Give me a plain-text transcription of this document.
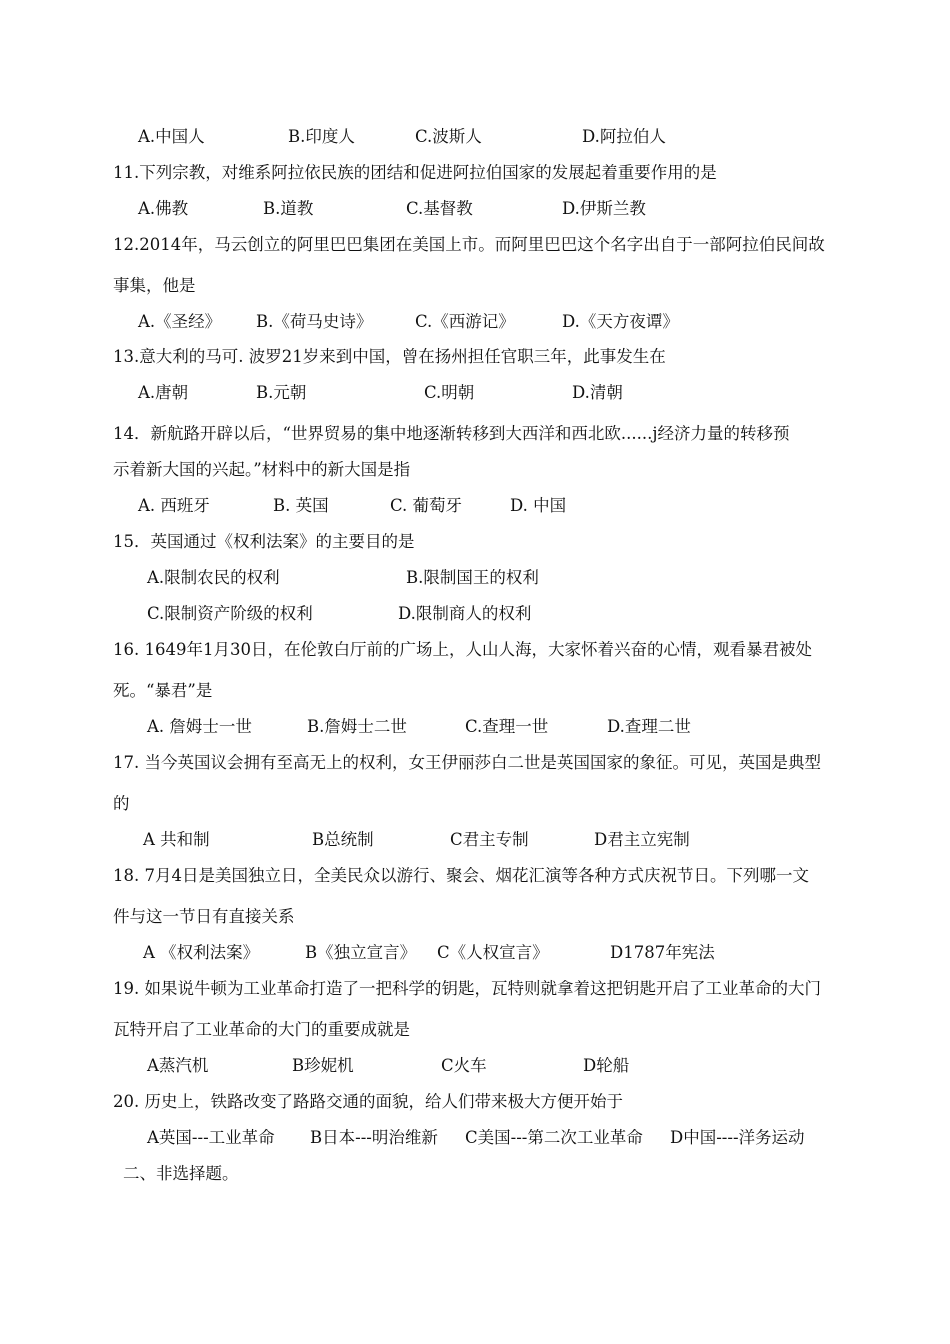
A.中国人	B.印度人	C.波斯人	D.阿拉伯人
11.下列宗教，对维系阿拉依民族的团结和促进阿拉伯国家的发展起着重要作用的是
A.佛教	B.道教	C.基督教	D.伊斯兰教
12.2014年，马云创立的阿里巴巴集团在美国上市。而阿里巴巴这个名字出自于一部阿拉伯民间故
事集，他是
A.《圣经》 B.《荷马史诗》	C.《西游记》	D.《天方夜谭》
13.意大利的马可. 波罗21岁来到中国，曾在扬州担任官职三年，此事发生在
A.唐朝	B.元朝	C.明朝	D.清朝
14．新航路开辟以后，“世界贸易的集中地逐渐转移到大西洋和西北欧......j经济力量的转移预
示着新大国的兴起。”材料中的新大国是指
A. 西班牙	B. 英国	C. 葡萄牙	D. 中国
15．英国通过《权利法案》的主要目的是
A.限制农民的权利	B.限制国王的权利
C.限制资产阶级的权利	D.限制商人的权利
16. 1649年1月30日，在伦敦白厅前的广场上，人山人海，大家怀着兴奋的心情，观看暴君被处
死。“暴君”是
A. 詹姆士一世	B.詹姆士二世	C.查理一世	D.查理二世
17. 当今英国议会拥有至高无上的权利，女王伊丽莎白二世是英国国家的象征。可见，英国是典型
的
A 共和制	B总统制	C君主专制	D君主立宪制
18. 7月4日是美国独立日，全美民众以游行、聚会、烟花汇演等各种方式庆祝节日。下列哪一文
件与这一节日有直接关系
A 《权利法案》	B《独立宣言》 C《人权宣言》	D1787年宪法
19. 如果说牛顿为工业革命打造了一把科学的钥匙，瓦特则就拿着这把钥匙开启了工业革命的大门
瓦特开启了工业革命的大门的重要成就是
A蒸汽机	B珍妮机	C火车	D轮船
20. 历史上，铁路改变了路路交通的面貌，给人们带来极大方便开始于
A英国---工业革命 B日本---明治维新 C美国---第二次工业革命 D中国----洋务运动
二、非选择题。
